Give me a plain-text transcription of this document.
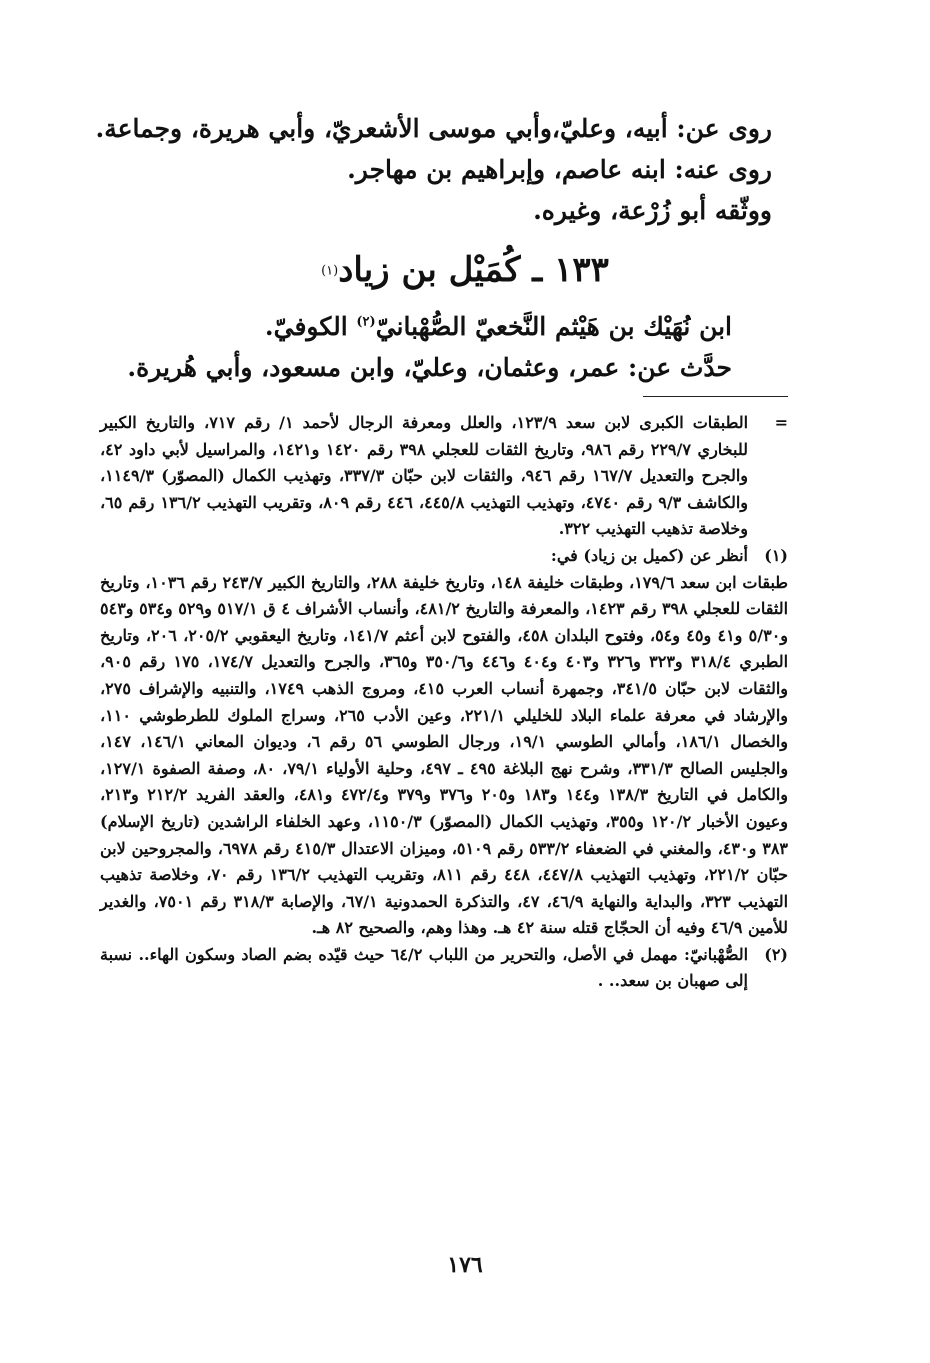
روى عن: أبيه، وعليّ،وأبي موسى الأشعريّ، وأبي هريرة، وجماعة.
روى عنه: ابنه عاصم، وإبراهيم بن مهاجر.
ووثّقه أبو زُرْعة، وغيره.
١٣٣ ـ كُمَيْل بن زياد$^{(١)}$
ابن نُهَيْك بن هَيْثم النَّخعيّ الصُّهْبانيّ$^{(٢)}$ الكوفيّ.
حدَّث عن: عمر، وعثمان، وعليّ، وابن مسعود، وأبي هُريرة.
=
الطبقات الكبرى لابن سعد ١٢٣/٩، والعلل ومعرفة الرجال لأحمد ١/ رقم ٧١٧، والتاريخ الكبير للبخاري ٢٢٩/٧ رقم ٩٨٦، وتاريخ الثقات للعجلي ٣٩٨ رقم ١٤٢٠ و١٤٢١، والمراسيل لأبي داود ٤٢، والجرح والتعديل ١٦٧/٧ رقم ٩٤٦، والثقات لابن حبّان ٣٣٧/٣، وتهذيب الكمال (المصوّر) ١١٤٩/٣، والكاشف ٩/٣ رقم ٤٧٤٠، وتهذيب التهذيب ٤٤٥/٨، ٤٤٦ رقم ٨٠٩، وتقريب التهذيب ١٣٦/٢ رقم ٦٥، وخلاصة تذهيب التهذيب ٣٢٢.
(١)
أنظر عن (كميل بن زياد) في:
طبقات ابن سعد ١٧٩/٦، وطبقات خليفة ١٤٨، وتاريخ خليفة ٢٨٨، والتاريخ الكبير ٢٤٣/٧ رقم ١٠٣٦، وتاريخ الثقات للعجلي ٣٩٨ رقم ١٤٢٣، والمعرفة والتاريخ ٤٨١/٢، وأنساب الأشراف ٤ ق ٥١٧/١ و٥٢٩ و٥٣٤ و٥٤٣ و٥/٣٠ و٤١ و٤٥ و٥٤، وفتوح البلدان ٤٥٨، والفتوح لابن أعثم ١٤١/٧، وتاريخ اليعقوبي ٢٠٥/٢، ٢٠٦، وتاريخ الطبري ٣١٨/٤ و٣٢٣ و٣٢٦ و٤٠٣ و٤٠٤ و٤٤٦ و٣٥٠/٦ و٣٦٥، والجرح والتعديل ١٧٤/٧، ١٧٥ رقم ٩٠٥، والثقات لابن حبّان ٣٤١/٥، وجمهرة أنساب العرب ٤١٥، ومروج الذهب ١٧٤٩، والتنبيه والإشراف ٢٧٥، والإرشاد في معرفة علماء البلاد للخليلي ٢٢١/١، وعين الأدب ٢٦٥، وسراج الملوك للطرطوشي ١١٠، والخصال ١٨٦/١، وأمالي الطوسي ١٩/١، ورجال الطوسي ٥٦ رقم ٦، وديوان المعاني ١٤٦/١، ١٤٧، والجليس الصالح ٣٣١/٣، وشرح نهج البلاغة ٤٩٥ ـ ٤٩٧، وحلية الأولياء ٧٩/١، ٨٠، وصفة الصفوة ١٢٧/١، والكامل في التاريخ ١٣٨/٣ و١٤٤ و١٨٣ و٢٠٥ و٣٧٦ و٣٧٩ و٤٧٢/٤ و٤٨١، والعقد الفريد ٢١٢/٢ و٢١٣، وعيون الأخبار ١٢٠/٢ و٣٥٥، وتهذيب الكمال (المصوّر) ١١٥٠/٣، وعهد الخلفاء الراشدين (تاريخ الإسلام) ٣٨٣ و٤٣٠، والمغني في الضعفاء ٥٣٣/٢ رقم ٥١٠٩، وميزان الاعتدال ٤١٥/٣ رقم ٦٩٧٨، والمجروحين لابن حبّان ٢٢١/٢، وتهذيب التهذيب ٤٤٧/٨، ٤٤٨ رقم ٨١١، وتقريب التهذيب ١٣٦/٢ رقم ٧٠، وخلاصة تذهيب التهذيب ٣٢٣، والبداية والنهاية ٤٦/٩، ٤٧، والتذكرة الحمدونية ٦٧/١، والإصابة ٣١٨/٣ رقم ٧٥٠١، والغدير للأمين ٤٦/٩ وفيه أن الحجّاج قتله سنة ٤٢ هـ. وهذا وهم، والصحيح ٨٢ هـ.
(٢)
الصُّهْبانيّ: مهمل في الأصل، والتحرير من اللباب ٦٤/٢ حيث قيّده بضم الصاد وسكون الهاء.. نسبة إلى صهبان بن سعد.. .
١٧٦
